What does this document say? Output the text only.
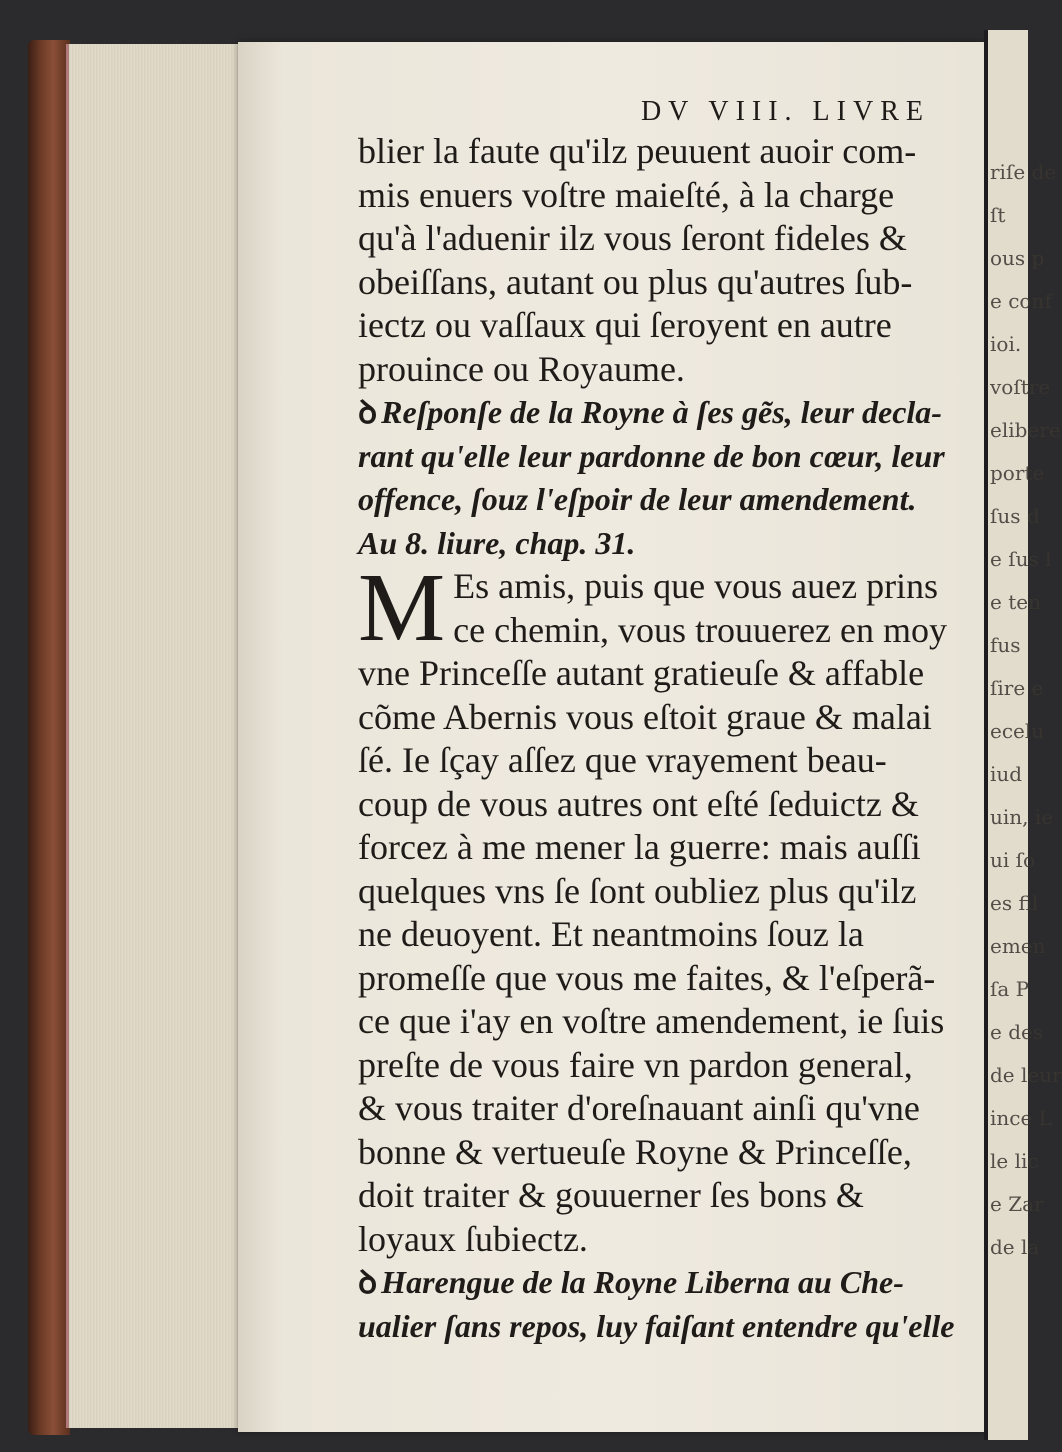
riſe de
ſt
ous p
e conf
ioi.
voſtre
elibere
porte
ſus d
e ſus l
e ten
fus
ſire e
ecelu
iud
uin, ie
ui ſo
es fil
emen
ſa P
e des
de leur
ince L
le lic
e Zar
de la
DV VIII. LIVRE
blier la faute qu'ilz peuuent auoir com-
mis enuers voſtre maieſté, à la charge
qu'à l'aduenir ilz vous ſeront fideles &
obeiſſans, autant ou plus qu'autres ſub-
iectz ou vaſſaux qui ſeroyent en autre
prouince ou Royaume.
ꝺ Reſponſe de la Royne à ſes gẽs, leur decla-
rant qu'elle leur pardonne de bon cœur, leur
offence, ſouz l'eſpoir de leur amendement.
Au 8. liure, chap. 31.
M Es amis, puis que vous auez prins
ce chemin, vous trouuerez en moy
vne Princeſſe autant gratieuſe & affable
cõme Abernis vous eſtoit graue & malai
ſé. Ie ſçay aſſez que vrayement beau-
coup de vous autres ont eſté ſeduictz &
forcez à me mener la guerre: mais auſſi
quelques vns ſe ſont oubliez plus qu'ilz
ne deuoyent. Et neantmoins ſouz la
promeſſe que vous me faites, & l'eſperã-
ce que i'ay en voſtre amendement, ie ſuis
preſte de vous faire vn pardon general,
& vous traiter d'oreſnauant ainſi qu'vne
bonne & vertueuſe Royne & Princeſſe,
doit traiter & gouuerner ſes bons &
loyaux ſubiectz.
ꝺ Harengue de la Royne Liberna au Che-
ualier ſans repos, luy faiſant entendre qu'elle
